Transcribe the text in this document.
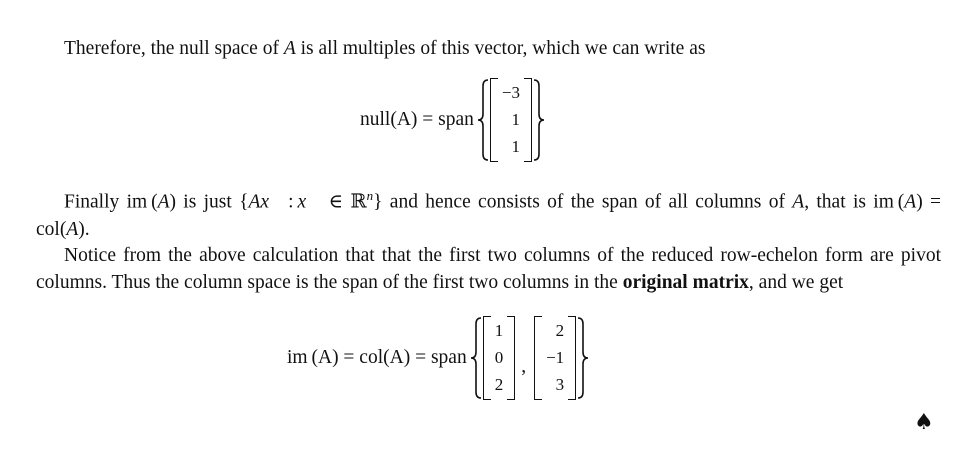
Therefore, the null space of A is all multiples of this vector, which we can write as
null(A) = span
−3
1
1
Finally im (A) is just {Ax⃗ : x⃗ ∈ ℝ$^n$} and hence consists of the span of all columns of A, that is im (A) = col(A).
Notice from the above calculation that that the first two columns of the reduced row-echelon form are pivot columns. Thus the column space is the span of the first two columns in the original matrix, and we get
im (A) = col(A) = span
1
0
2
,
2
−1
3
♠
